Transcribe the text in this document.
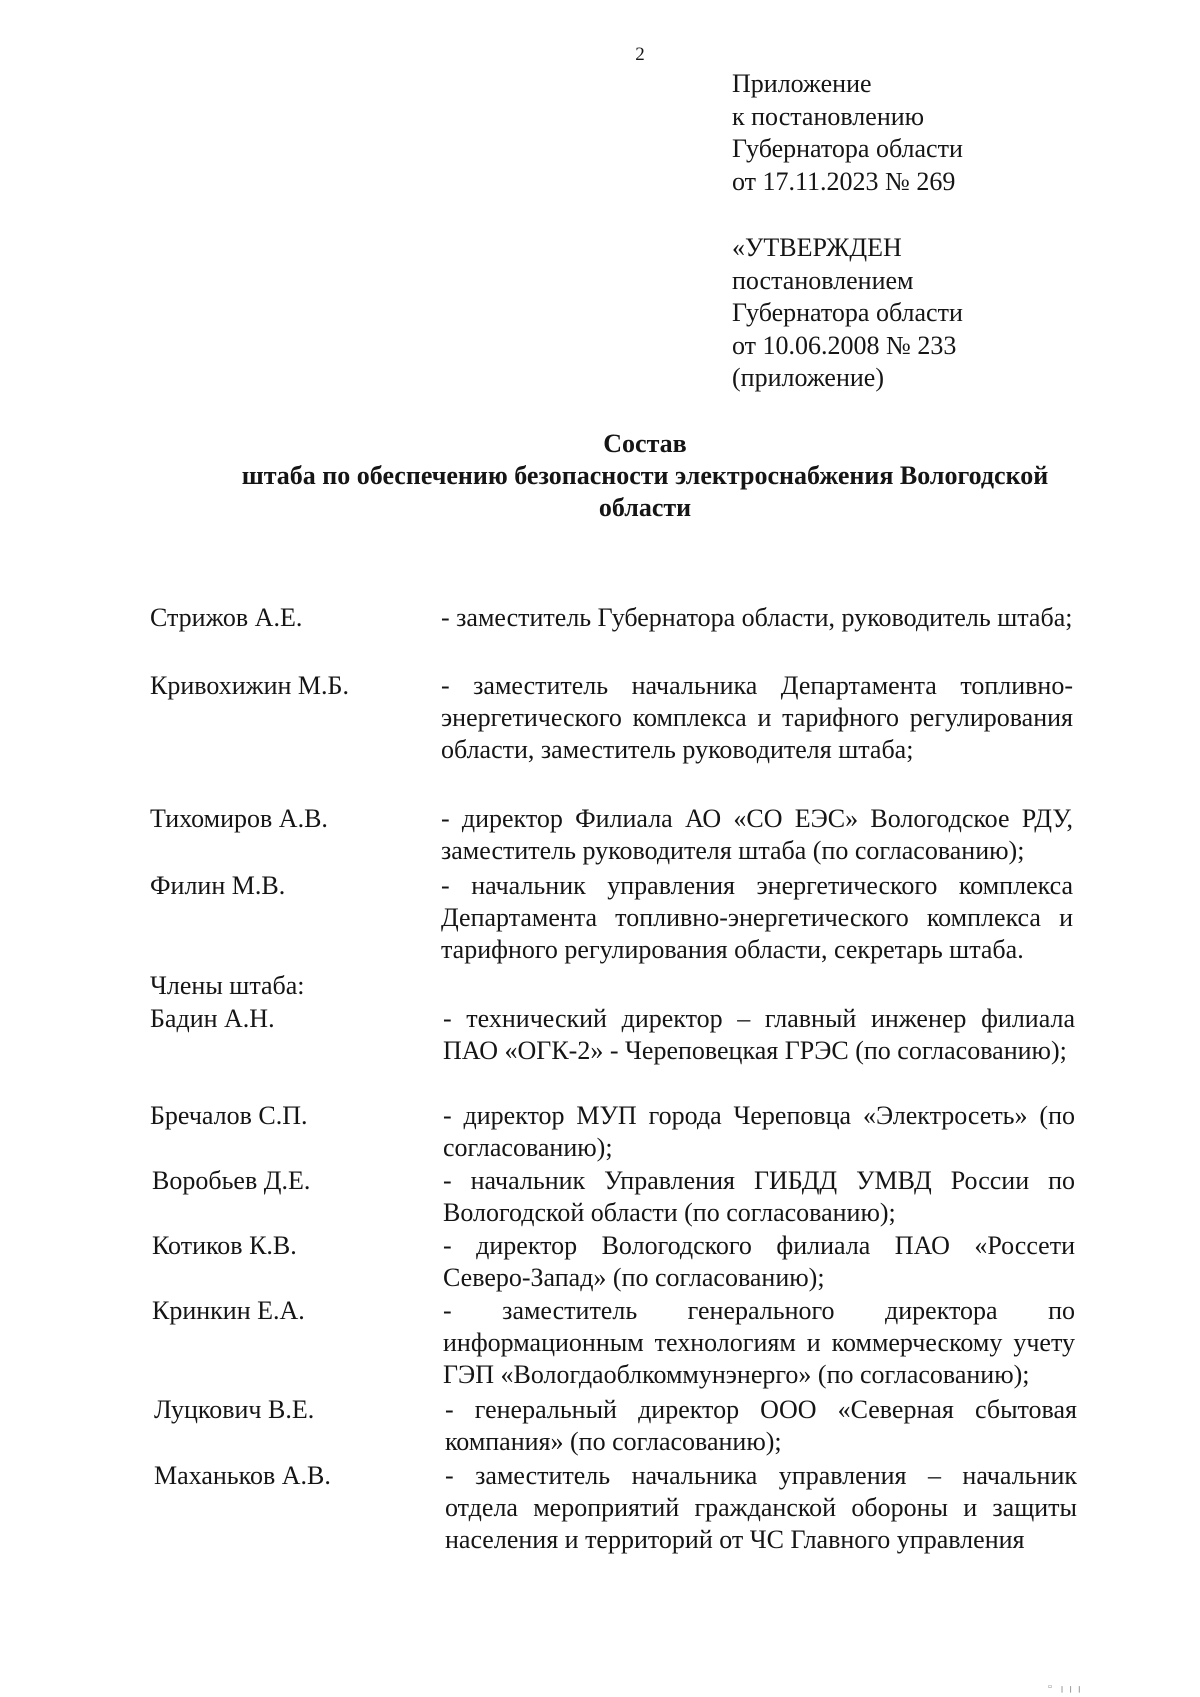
2
Приложение
к постановлению
Губернатора области
от 17.11.2023 № 269
«УТВЕРЖДЕН
постановлением
Губернатора области
от 10.06.2008 № 233
(приложение)
Состав
штаба по обеспечению безопасности электроснабжения Вологодской
области
Стрижов А.Е.	- заместитель Губернатора области, руководитель штаба;
Кривохижин М.Б.	- заместитель начальника Департамента топливно-энергетического комплекса и тарифного регулирования области, заместитель руководителя штаба;
Тихомиров А.В.	- директор Филиала АО «СО ЕЭС» Вологодское РДУ, заместитель руководителя штаба (по согласованию);
Филин М.В.	- начальник управления энергетического комплекса Департамента топливно-энергетического комплекса и тарифного регулирования области, секретарь штаба.
Члены штаба:
Бадин А.Н.	- технический директор – главный инженер филиала ПАО «ОГК-2» - Череповецкая ГРЭС (по согласованию);
Бречалов С.П.	- директор МУП города Череповца «Электросеть» (по согласованию);
Воробьев Д.Е.	- начальник Управления ГИБДД УМВД России по Вологодской области (по согласованию);
Котиков К.В.	- директор Вологодского филиала ПАО «Россети Северо-Запад» (по согласованию);
Кринкин Е.А.	- заместитель генерального директора по информационным технологиям и коммерческому учету ГЭП «Вологдаоблкоммунэнерго» (по согласованию);
Луцкович В.Е.	- генеральный директор ООО «Северная сбытовая компания» (по согласованию);
Маханьков А.В.	- заместитель начальника управления – начальник отдела мероприятий гражданской обороны и защиты населения и территорий от ЧС Главного управления
▫ ╷╷╷
